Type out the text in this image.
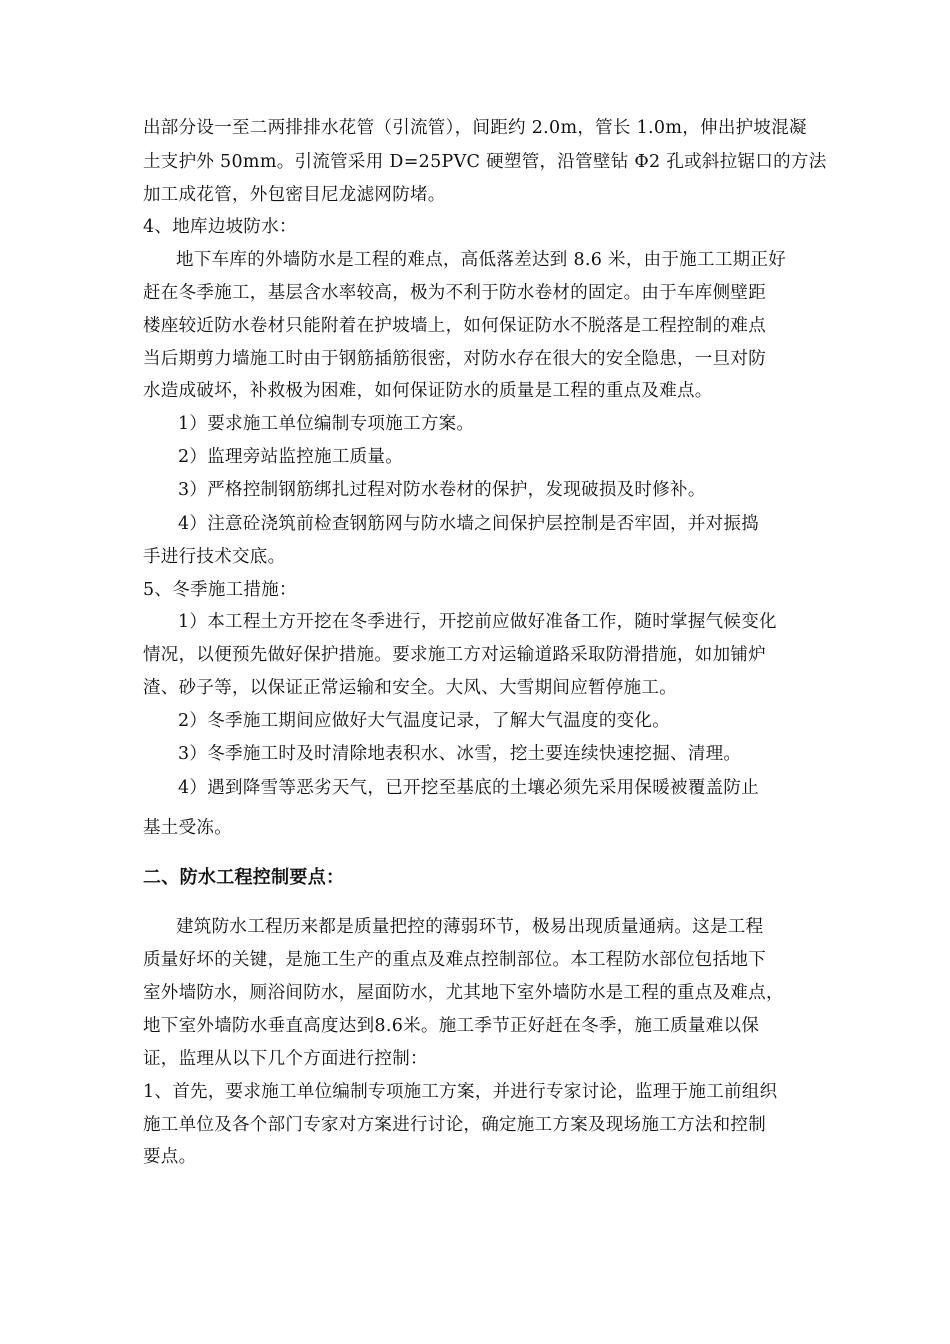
出部分设一至二两排排水花管（引流管），间距约 2.0m，管长 1.0m，伸出护坡混凝
土支护外 50mm。引流管采用 D=25PVC 硬塑管，沿管壁钻 Φ2 孔或斜拉锯口的方法
加工成花管，外包密目尼龙滤网防堵。
4、地库边坡防水：
地下车库的外墙防水是工程的难点，高低落差达到 8.6 米，由于施工工期正好
赶在冬季施工，基层含水率较高，极为不利于防水卷材的固定。由于车库侧壁距
楼座较近防水卷材只能附着在护坡墙上，如何保证防水不脱落是工程控制的难点
当后期剪力墙施工时由于钢筋插筋很密，对防水存在很大的安全隐患，一旦对防
水造成破坏，补救极为困难，如何保证防水的质量是工程的重点及难点。
1）要求施工单位编制专项施工方案。
2）监理旁站监控施工质量。
3）严格控制钢筋绑扎过程对防水卷材的保护，发现破损及时修补。
4）注意砼浇筑前检查钢筋网与防水墙之间保护层控制是否牢固，并对振捣
手进行技术交底。
5、冬季施工措施：
1）本工程土方开挖在冬季进行，开挖前应做好准备工作，随时掌握气候变化
情况，以便预先做好保护措施。要求施工方对运输道路采取防滑措施，如加铺炉
渣、砂子等，以保证正常运输和安全。大风、大雪期间应暂停施工。
2）冬季施工期间应做好大气温度记录，了解大气温度的变化。
3）冬季施工时及时清除地表积水、冰雪，挖土要连续快速挖掘、清理。
4）遇到降雪等恶劣天气，已开挖至基底的土壤必须先采用保暖被覆盖防止
基土受冻。
二、防水工程控制要点：
建筑防水工程历来都是质量把控的薄弱环节，极易出现质量通病。这是工程
质量好坏的关键，是施工生产的重点及难点控制部位。本工程防水部位包括地下
室外墙防水，厕浴间防水，屋面防水，尤其地下室外墙防水是工程的重点及难点，
地下室外墙防水垂直高度达到8.6米。施工季节正好赶在冬季，施工质量难以保
证，监理从以下几个方面进行控制：
1、首先，要求施工单位编制专项施工方案，并进行专家讨论，监理于施工前组织
施工单位及各个部门专家对方案进行讨论，确定施工方案及现场施工方法和控制
要点。
